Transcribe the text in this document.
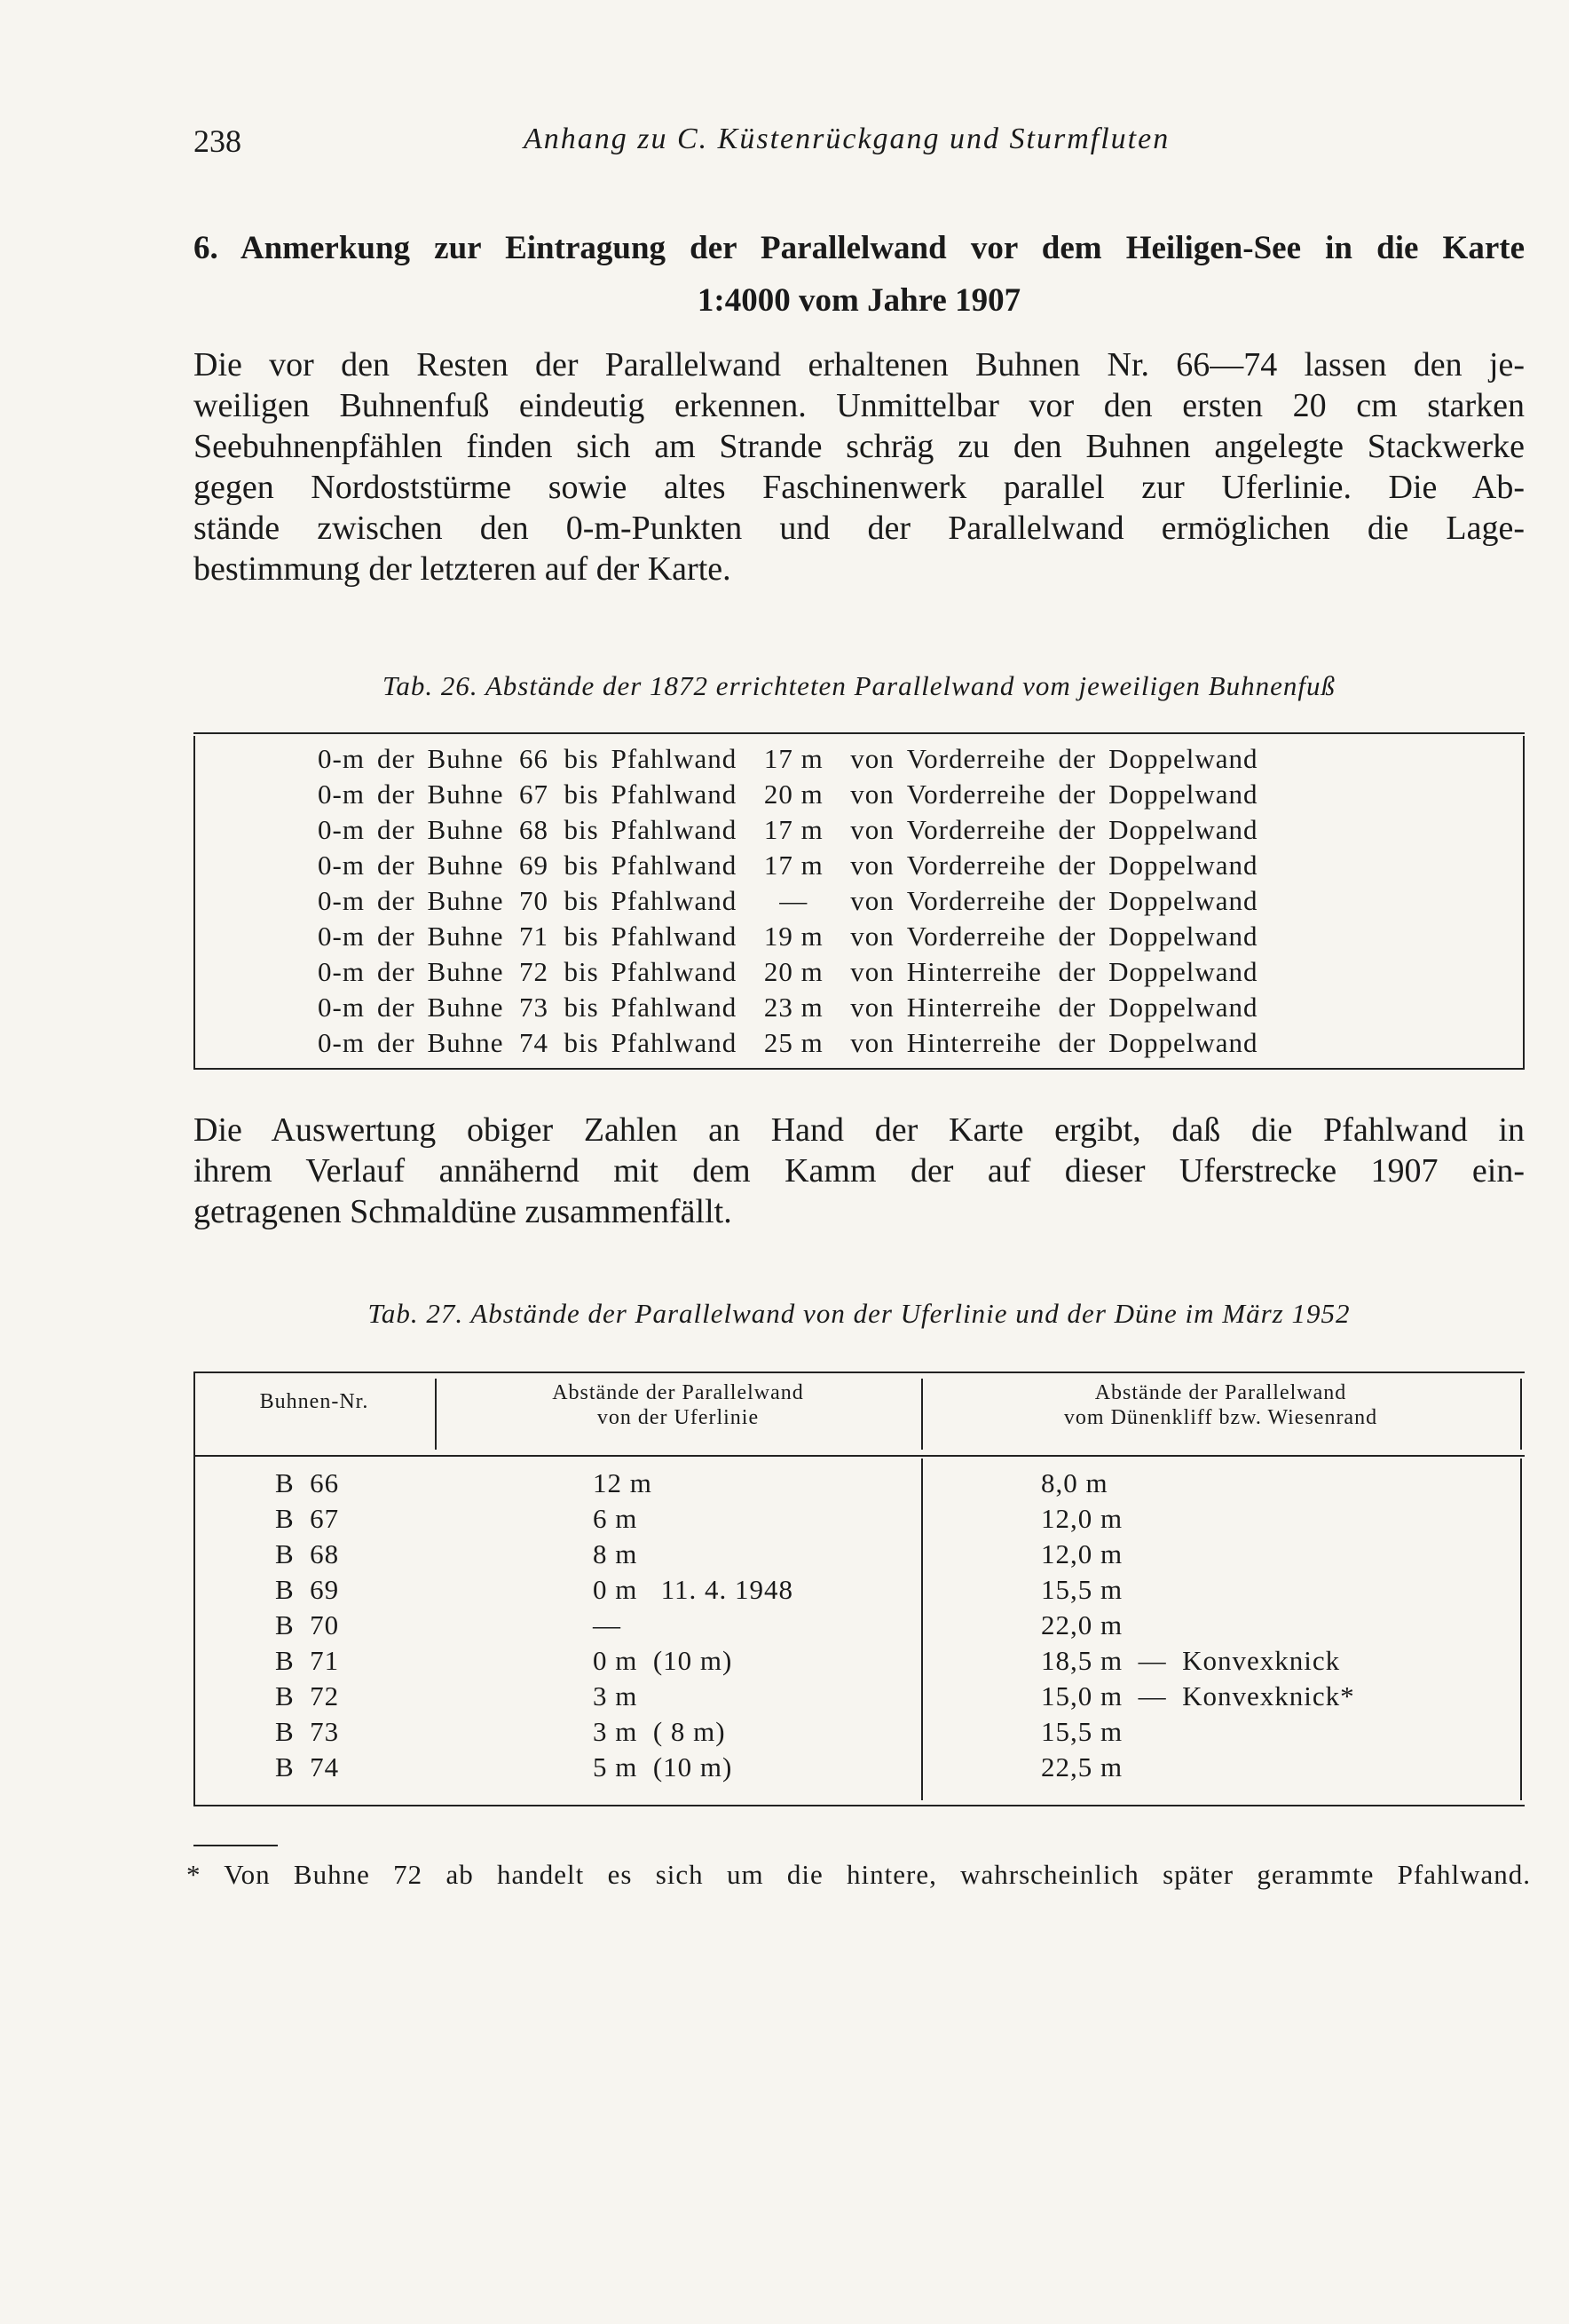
238	Anhang zu C. Küstenrückgang und Sturmfluten
6. Anmerkung zur Eintragung der Parallelwand vor dem Heiligen-See in die Karte
1:4000 vom Jahre 1907
Die vor den Resten der Parallelwand erhaltenen Buhnen Nr. 66—74 lassen den je-
weiligen Buhnenfuß eindeutig erkennen. Unmittelbar vor den ersten 20 cm starken
Seebuhnenpfählen finden sich am Strande schräg zu den Buhnen angelegte Stackwerke
gegen Nordoststürme sowie altes Faschinenwerk parallel zur Uferlinie. Die Ab-
stände zwischen den 0-m-Punkten und der Parallelwand ermöglichen die Lage-
bestimmung der letzteren auf der Karte.
Tab. 26. Abstände der 1872 errichteten Parallelwand vom jeweiligen Buhnenfuß
0-m	der	Buhne	66	bis	Pfahlwand	17 m	von	Vorderreihe	der	Doppelwand
0-m	der	Buhne	67	bis	Pfahlwand	20 m	von	Vorderreihe	der	Doppelwand
0-m	der	Buhne	68	bis	Pfahlwand	17 m	von	Vorderreihe	der	Doppelwand
0-m	der	Buhne	69	bis	Pfahlwand	17 m	von	Vorderreihe	der	Doppelwand
0-m	der	Buhne	70	bis	Pfahlwand	—	von	Vorderreihe	der	Doppelwand
0-m	der	Buhne	71	bis	Pfahlwand	19 m	von	Vorderreihe	der	Doppelwand
0-m	der	Buhne	72	bis	Pfahlwand	20 m	von	Hinterreihe	der	Doppelwand
0-m	der	Buhne	73	bis	Pfahlwand	23 m	von	Hinterreihe	der	Doppelwand
0-m	der	Buhne	74	bis	Pfahlwand	25 m	von	Hinterreihe	der	Doppelwand
Die Auswertung obiger Zahlen an Hand der Karte ergibt, daß die Pfahlwand in
ihrem Verlauf annähernd mit dem Kamm der auf dieser Uferstrecke 1907 ein-
getragenen Schmaldüne zusammenfällt.
Tab. 27. Abstände der Parallelwand von der Uferlinie und der Düne im März 1952
Buhnen-Nr.	Abstände der Parallelwand
von der Uferlinie
Abstände der Parallelwand
vom Dünenkliff bzw. Wiesenrand
B  66	12 m	8,0 m
B  67	6 m	12,0 m
B  68	8 m	12,0 m
B  69	0 m   11. 4. 1948	15,5 m
B  70	—	22,0 m
B  71	0 m  (10 m)	18,5 m  —  Konvexknick
B  72	3 m	15,0 m  —  Konvexknick*
B  73	3 m  ( 8 m)	15,5 m
B  74	5 m  (10 m)	22,5 m
* Von Buhne 72 ab handelt es sich um die hintere, wahrscheinlich später gerammte Pfahlwand.
